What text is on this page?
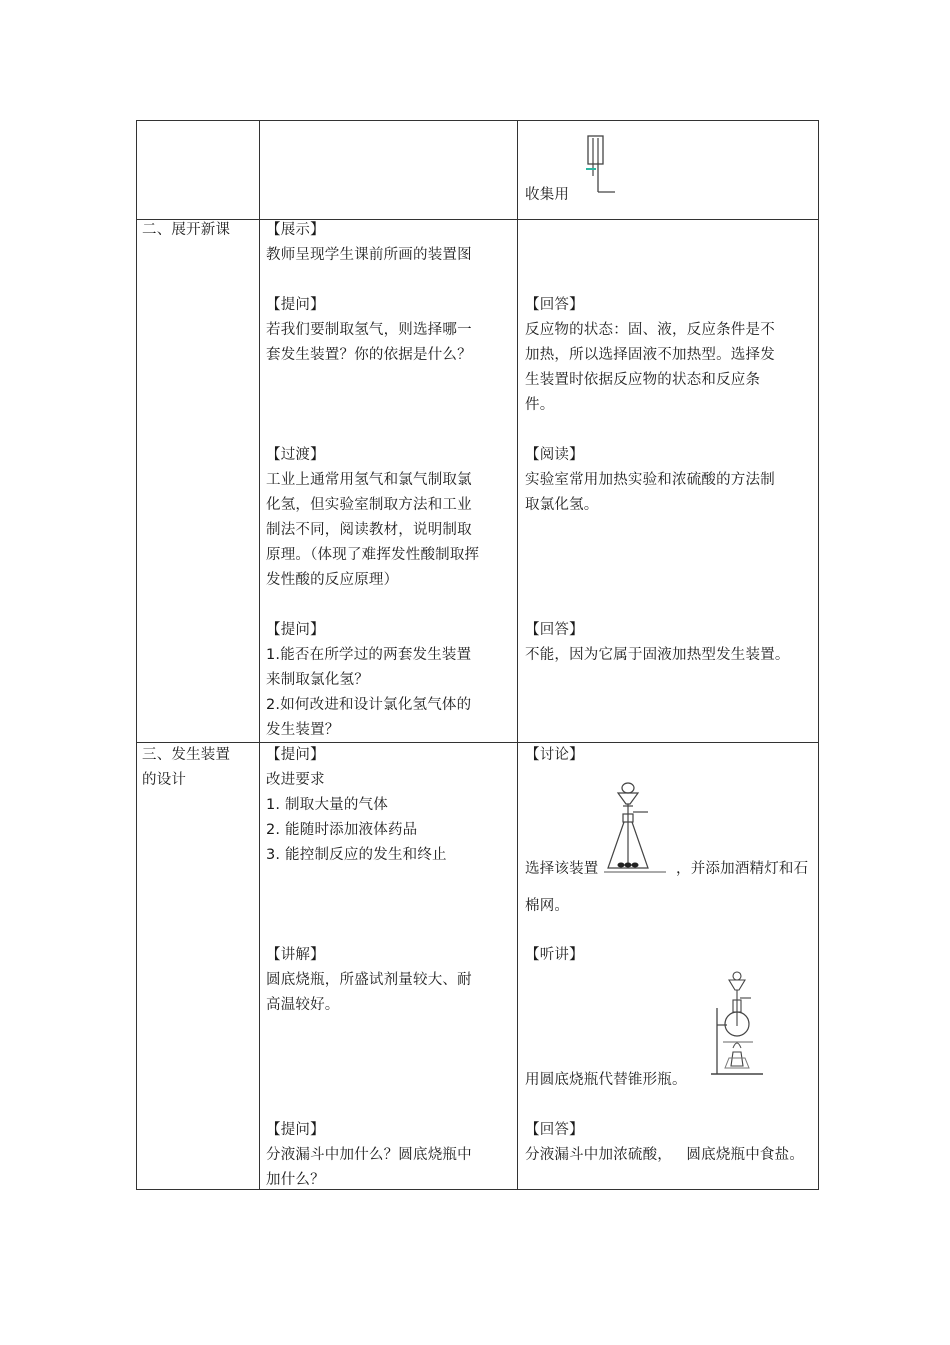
收集用
二、展开新课 【展示】
教师呈现学生课前所画的装置图
【提问】
若我们要制取氢气，则选择哪一
套发生装置？你的依据是什么？
【过渡】
工业上通常用氢气和氯气制取氯
化氢，但实验室制取方法和工业
制法不同，阅读教材，说明制取
原理。（体现了难挥发性酸制取挥
发性酸的反应原理）
【提问】
1.能否在所学过的两套发生装置
来制取氯化氢？
2.如何改进和设计氯化氢气体的
发生装置？
【回答】
反应物的状态：固、液，反应条件是不
加热，所以选择固液不加热型。选择发
生装置时依据反应物的状态和反应条
件。
【阅读】
实验室常用加热实验和浓硫酸的方法制
取氯化氢。
【回答】
不能，因为它属于固液加热型发生装置。
三、发生装置
的设计
【提问】
改进要求
1. 制取大量的气体
2. 能随时添加液体药品
3. 能控制反应的发生和终止
【讲解】
圆底烧瓶，所盛试剂量较大、耐
高温较好。
【提问】
分液漏斗中加什么？圆底烧瓶中
加什么？
【讨论】
选择该装置	，并添加酒精灯和石
棉网。
【听讲】
用圆底烧瓶代替锥形瓶。
【回答】
分液漏斗中加浓硫酸，   圆底烧瓶中食盐。
